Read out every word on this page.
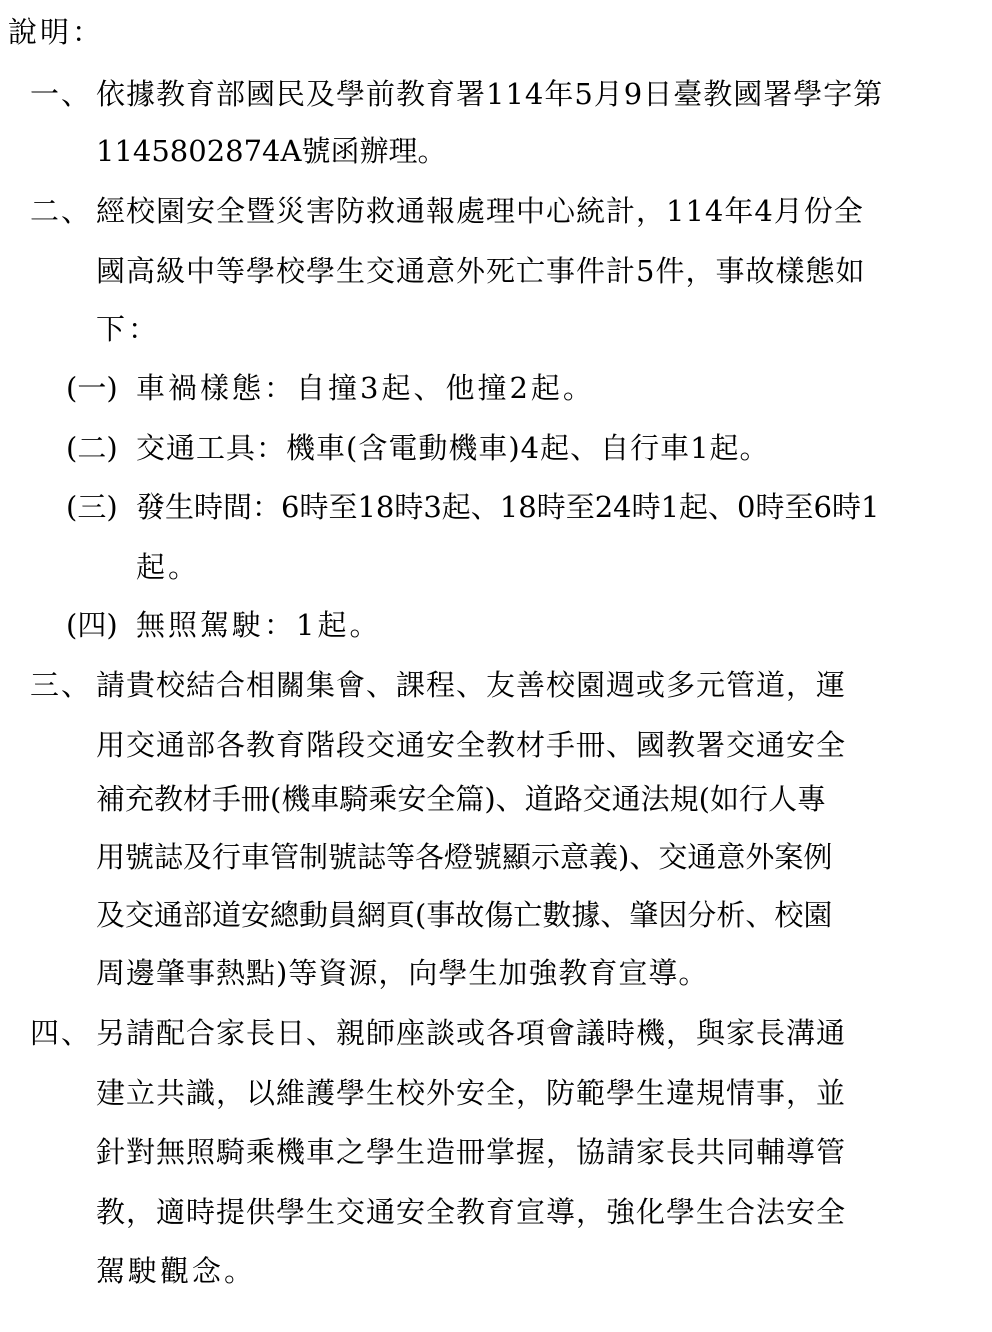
說明：
一、 依據教育部國民及學前教育署114年5月9日臺教國署學字第
1145802874A號函辦理。
二、 經校園安全暨災害防救通報處理中心統計，114年4月份全
國高級中等學校學生交通意外死亡事件計5件，事故樣態如
下：
(一) 車禍樣態：自撞3起、他撞2起。
(二) 交通工具：機車(含電動機車)4起、自行車1起。
(三) 發生時間：6時至18時3起、18時至24時1起、0時至6時1
起。
(四) 無照駕駛：1起。
三、 請貴校結合相關集會、課程、友善校園週或多元管道，運
用交通部各教育階段交通安全教材手冊、國教署交通安全
補充教材手冊(機車騎乘安全篇)、道路交通法規(如行人專
用號誌及行車管制號誌等各燈號顯示意義)、交通意外案例
及交通部道安總動員網頁(事故傷亡數據、肇因分析、校園
周邊肇事熱點)等資源，向學生加強教育宣導。
四、 另請配合家長日、親師座談或各項會議時機，與家長溝通
建立共識，以維護學生校外安全，防範學生違規情事，並
針對無照騎乘機車之學生造冊掌握，協請家長共同輔導管
教，適時提供學生交通安全教育宣導，強化學生合法安全
駕駛觀念。
